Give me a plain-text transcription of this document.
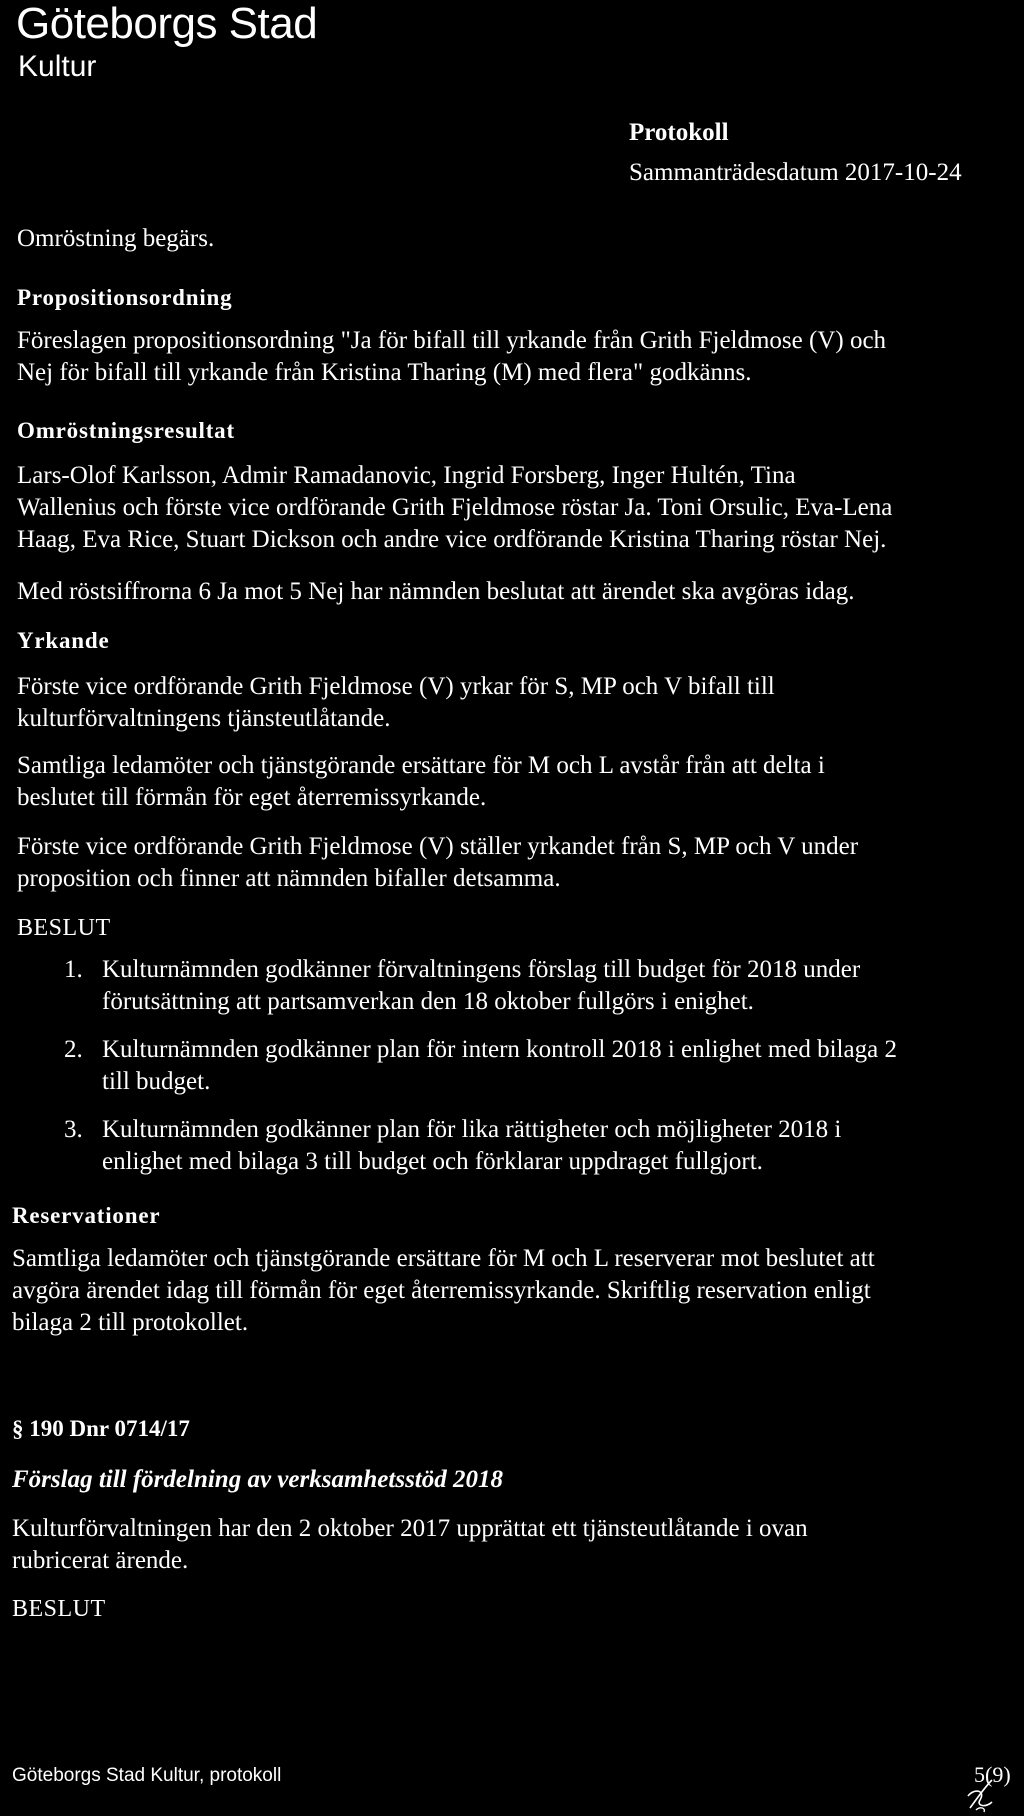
Göteborgs Stad
Kultur
Protokoll
Sammanträdesdatum 2017-10-24
Omröstning begärs.
Propositionsordning
Föreslagen propositionsordning "Ja för bifall till yrkande från Grith Fjeldmose (V) och
Nej för bifall till yrkande från Kristina Tharing (M) med flera" godkänns.
Omröstningsresultat
Lars-Olof Karlsson, Admir Ramadanovic, Ingrid Forsberg, Inger Hultén, Tina
Wallenius och förste vice ordförande Grith Fjeldmose röstar Ja. Toni Orsulic, Eva-Lena
Haag, Eva Rice, Stuart Dickson och andre vice ordförande Kristina Tharing röstar Nej.
Med röstsiffrorna 6 Ja mot 5 Nej har nämnden beslutat att ärendet ska avgöras idag.
Yrkande
Förste vice ordförande Grith Fjeldmose (V) yrkar för S, MP och V bifall till
kulturförvaltningens tjänsteutlåtande.
Samtliga ledamöter och tjänstgörande ersättare för M och L avstår från att delta i
beslutet till förmån för eget återremissyrkande.
Förste vice ordförande Grith Fjeldmose (V) ställer yrkandet från S, MP och V under
proposition och finner att nämnden bifaller detsamma.
BESLUT
1. Kulturnämnden godkänner förvaltningens förslag till budget för 2018 under
förutsättning att partsamverkan den 18 oktober fullgörs i enighet.
2. Kulturnämnden godkänner plan för intern kontroll 2018 i enlighet med bilaga 2
till budget.
3. Kulturnämnden godkänner plan för lika rättigheter och möjligheter 2018 i
enlighet med bilaga 3 till budget och förklarar uppdraget fullgjort.
Reservationer
Samtliga ledamöter och tjänstgörande ersättare för M och L reserverar mot beslutet att
avgöra ärendet idag till förmån för eget återremissyrkande. Skriftlig reservation enligt
bilaga 2 till protokollet.
§ 190 Dnr 0714/17
Förslag till fördelning av verksamhetsstöd 2018
Kulturförvaltningen har den 2 oktober 2017 upprättat ett tjänsteutlåtande i ovan
rubricerat ärende.
BESLUT
Göteborgs Stad Kultur, protokoll	5(9)
